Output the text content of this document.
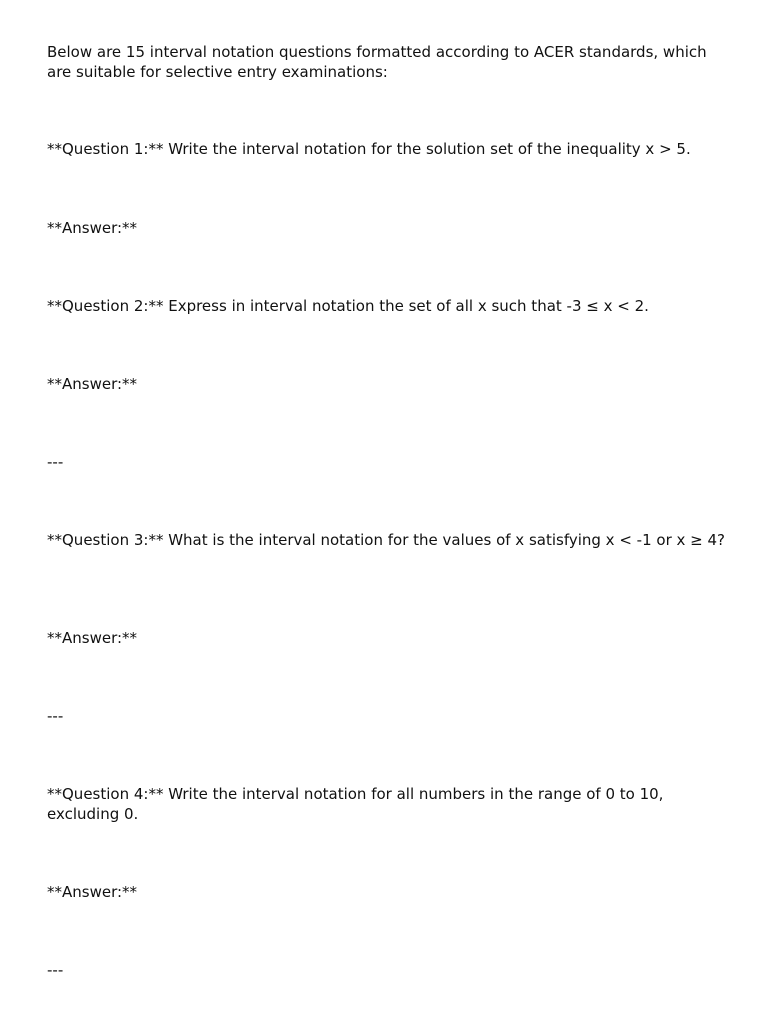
Below are 15 interval notation questions formatted according to ACER standards, which are suitable for selective entry examinations:

**Question 1:** Write the interval notation for the solution set of the inequality x > 5.

**Answer:**

**Question 2:** Express in interval notation the set of all x such that -3 ≤ x < 2.

**Answer:**

---

**Question 3:** What is the interval notation for the values of x satisfying x < -1 or x ≥ 4?

**Answer:**

---

**Question 4:** Write the interval notation for all numbers in the range of 0 to 10, excluding 0.

**Answer:**

---
